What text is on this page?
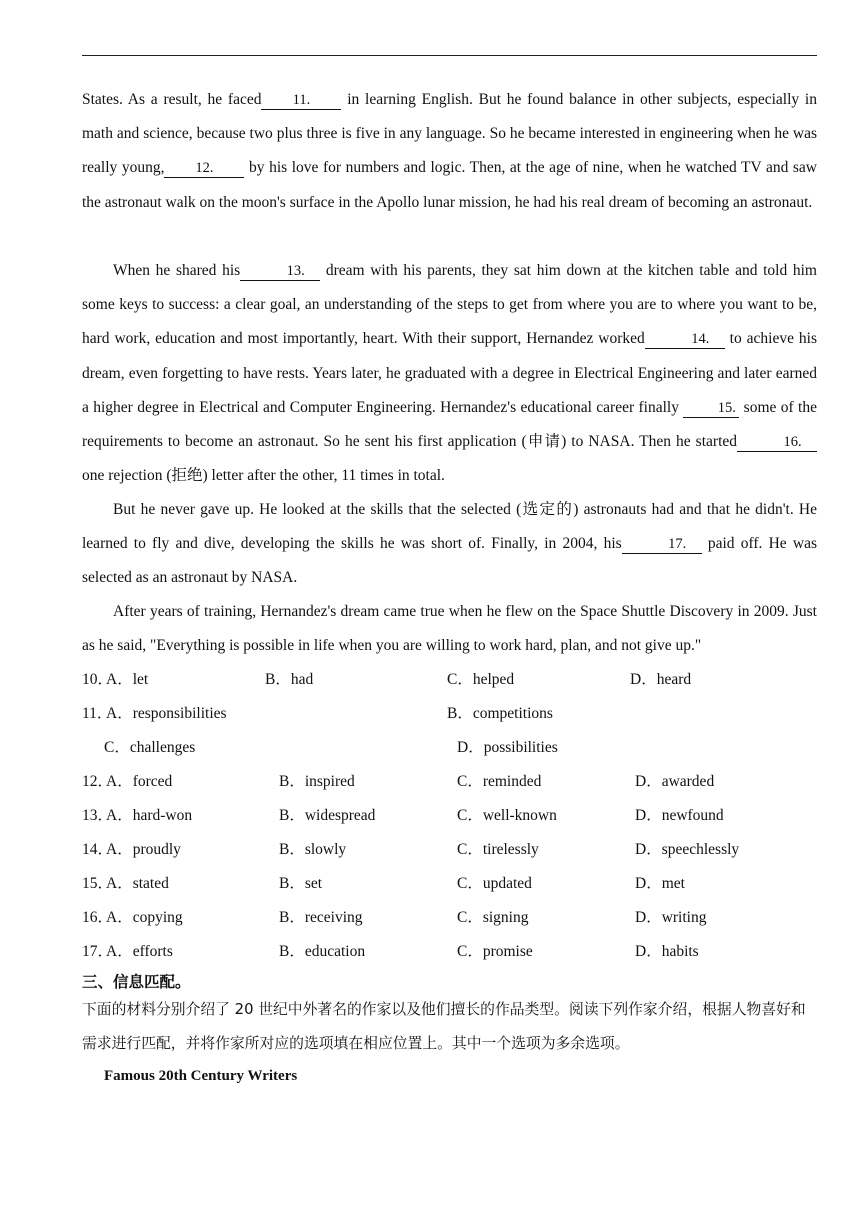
States. As a result, he faced 11. in learning English. But he found balance in other subjects, especially in math and science, because two plus three is five in any language. So he became interested in engineering when he was really young, 12. by his love for numbers and logic. Then, at the age of nine, when he watched TV and saw the astronaut walk on the moon's surface in the Apollo lunar mission, he had his real dream of becoming an astronaut.

When he shared his	13. dream with his parents, they sat him down at the kitchen table and told him some keys to success: a clear goal, an understanding of the steps to get from where you are to where you want to be, hard work, education and most importantly, heart. With their support, Hernandez worked	14. to achieve his dream, even forgetting to have rests. Years later, he graduated with a degree in Electrical Engineering and later earned a higher degree in Electrical and Computer Engineering. Hernandez's educational career finally 15. some of the requirements to become an astronaut. So he sent his first application (申请) to NASA. Then he started	16. one rejection (拒绝) letter after the other, 11 times in total.

But he never gave up. He looked at the skills that the selected (选定的) astronauts had and that he didn't. He learned to fly and dive, developing the skills he was short of. Finally, in 2004, his	17. paid off. He was selected as an astronaut by NASA.

After years of training, Hernandez's dream came true when he flew on the Space Shuttle Discovery in 2009. Just as he said, "Everything is possible in life when you are willing to work hard, plan, and not give up."

10．
A．let	B．had	C．helped	D．heard
11．
A．responsibilities	B．competitions
C．challenges	D．possibilities
12．
A．forced	B．inspired	C．reminded	D．awarded
13．
A．hard-won	B．widespread	C．well-known	D．newfound
14．
A．proudly	B．slowly	C．tirelessly	D．speechlessly
15．
A．stated	B．set	C．updated	D．met
16．
A．copying	B．receiving	C．signing	D．writing
17．
A．efforts	B．education	C．promise	D．habits
三、信息匹配。

下面的材料分别介绍了 20 世纪中外著名的作家以及他们擅长的作品类型。阅读下列作家介绍，根据人物喜好和需求进行匹配，并将作家所对应的选项填在相应位置上。其中一个选项为多余选项。

Famous 20th Century Writers
